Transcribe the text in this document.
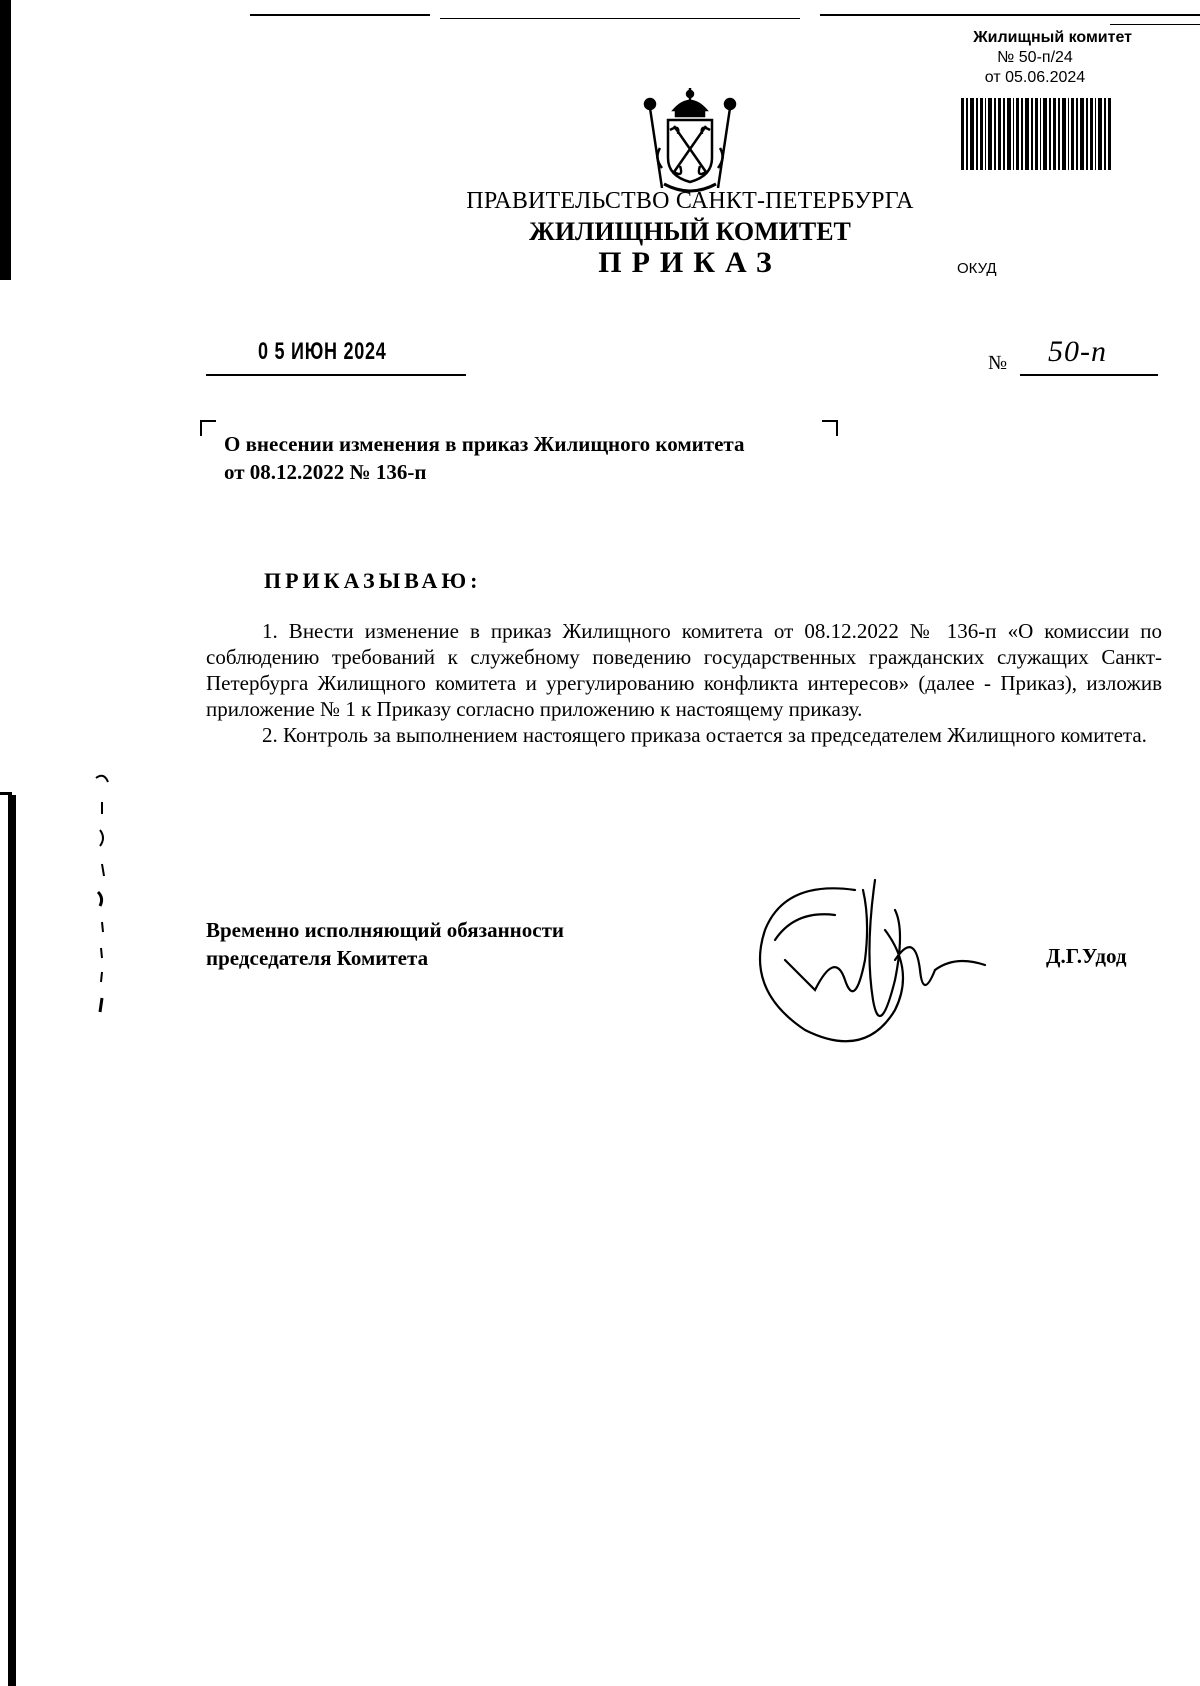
Жилищный комитет
№ 50-п/24
от 05.06.2024
ПРАВИТЕЛЬСТВО САНКТ-ПЕТЕРБУРГА
ЖИЛИЩНЫЙ КОМИТЕТ
ПРИКАЗ	ОКУД
0 5 ИЮН 2024	№ 50-п
О внесении изменения в приказ Жилищного комитета
от 08.12.2022 № 136-п
ПРИКАЗЫВАЮ:

1. Внести изменение в приказ Жилищного комитета от 08.12.2022 № 136-п «О комиссии по соблюдению требований к служебному поведению государственных гражданских служащих Санкт-Петербурга Жилищного комитета и урегулированию конфликта интересов» (далее - Приказ), изложив приложение № 1 к Приказу согласно приложению к настоящему приказу.

2. Контроль за выполнением настоящего приказа остается за председателем Жилищного комитета.

Временно исполняющий обязанности
председателя Комитета	Д.Г.Удод
